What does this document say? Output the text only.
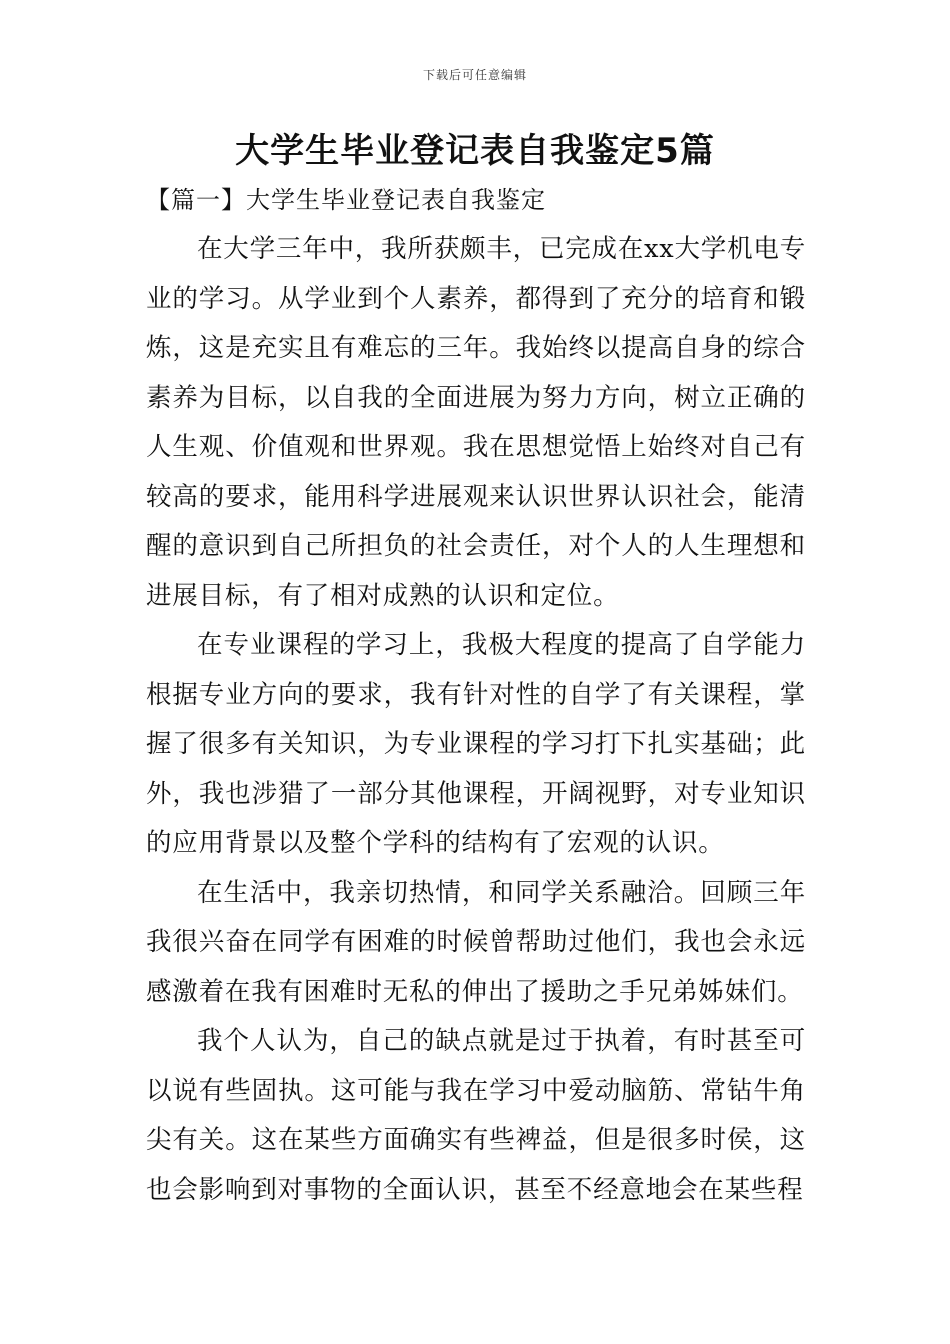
下载后可任意编辑
大学生毕业登记表自我鉴定5篇
【篇一】大学生毕业登记表自我鉴定

在大学三年中，我所获颇丰，已完成在xx大学机电专业的学习。从学业到个人素养，都得到了充分的培育和锻炼，这是充实且有难忘的三年。我始终以提高自身的综合素养为目标，以自我的全面进展为努力方向，树立正确的人生观、价值观和世界观。我在思想觉悟上始终对自己有较高的要求，能用科学进展观来认识世界认识社会，能清醒的意识到自己所担负的社会责任，对个人的人生理想和进展目标，有了相对成熟的认识和定位。

在专业课程的学习上，我极大程度的提高了自学能力根据专业方向的要求，我有针对性的自学了有关课程，掌握了很多有关知识，为专业课程的学习打下扎实基础；此外，我也涉猎了一部分其他课程，开阔视野，对专业知识的应用背景以及整个学科的结构有了宏观的认识。

在生活中，我亲切热情，和同学关系融洽。回顾三年我很兴奋在同学有困难的时候曾帮助过他们，我也会永远感激着在我有困难时无私的伸出了援助之手兄弟姊妹们。

我个人认为，自己的缺点就是过于执着，有时甚至可以说有些固执。这可能与我在学习中爱动脑筋、常钻牛角尖有关。这在某些方面确实有些裨益，但是很多时侯，这也会影响到对事物的全面认识，甚至不经意地会在某些程
